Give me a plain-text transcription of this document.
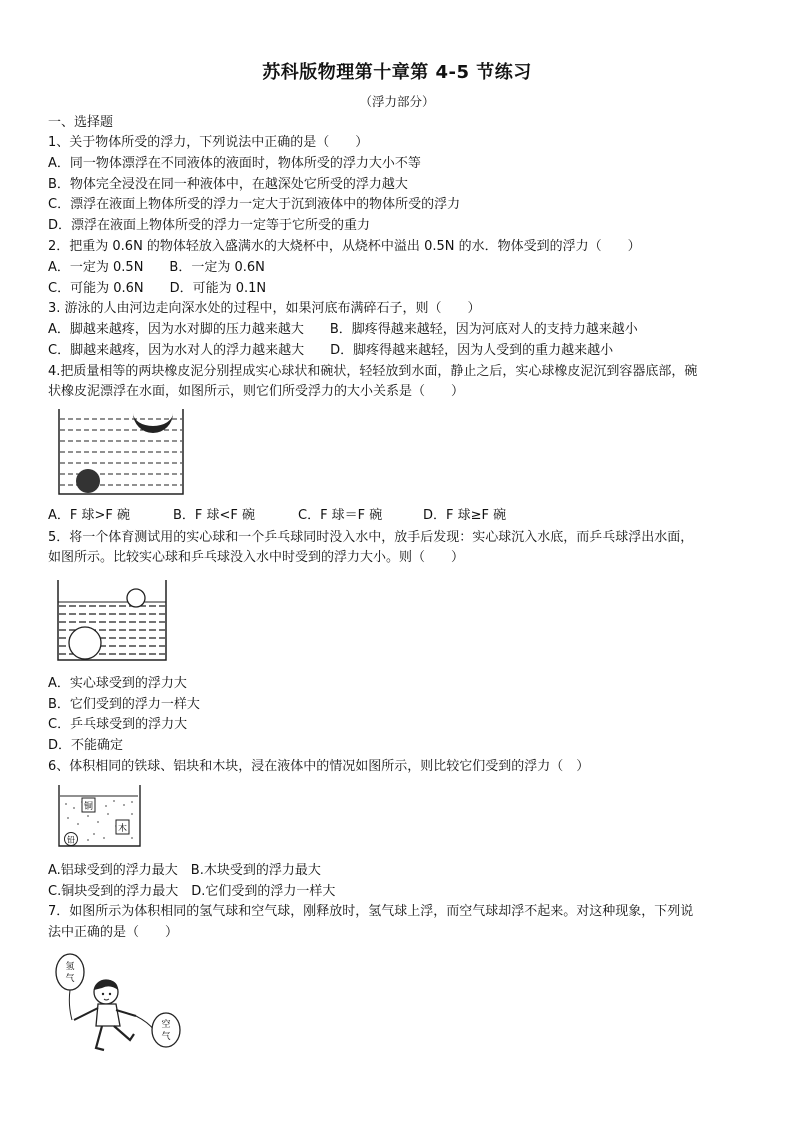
苏科版物理第十章第 4-5 节练习
（浮力部分）
一、选择题
1、关于物体所受的浮力，下列说法中正确的是（　　）
A．同一物体漂浮在不同液体的液面时，物体所受的浮力大小不等
B．物体完全浸没在同一种液体中，在越深处它所受的浮力越大
C．漂浮在液面上物体所受的浮力一定大于沉到液体中的物体所受的浮力
D．漂浮在液面上物体所受的浮力一定等于它所受的重力
2．把重为 0.6N 的物体轻放入盛满水的大烧杯中，从烧杯中溢出 0.5N 的水．物体受到的浮力（　　）
A．一定为 0.5N　　B．一定为 0.6N
C．可能为 0.6N　　D．可能为 0.1N
3. 游泳的人由河边走向深水处的过程中，如果河底布满碎石子，则（　　）
A．脚越来越疼，因为水对脚的压力越来越大　　B．脚疼得越来越轻，因为河底对人的支持力越来越小
C．脚越来越疼，因为水对人的浮力越来越大　　D．脚疼得越来越轻，因为人受到的重力越来越小
4.把质量相等的两块橡皮泥分别捏成实心球状和碗状，轻轻放到水面，静止之后，实心球橡皮泥沉到容器底部，碗
状橡皮泥漂浮在水面，如图所示，则它们所受浮力的大小关系是（　　）
A．F 球>F 碗	B．F 球<F 碗	C．F 球＝F 碗	D．F 球≥F 碗
5．将一个体育测试用的实心球和一个乒乓球同时没入水中，放手后发现：实心球沉入水底，而乒乓球浮出水面，
如图所示。比较实心球和乒乓球没入水中时受到的浮力大小。则（　　）
A．实心球受到的浮力大
B．它们受到的浮力一样大
C．乒乓球受到的浮力大
D．不能确定
6、体积相同的铁球、铝块和木块，浸在液体中的情况如图所示，则比较它们受到的浮力（　）
铜
木
铅
A.铝球受到的浮力最大　B.木块受到的浮力最大
C.铜块受到的浮力最大　D.它们受到的浮力一样大
7．如图所示为体积相同的氢气球和空气球，刚释放时，氢气球上浮，而空气球却浮不起来。对这种现象，下列说
法中正确的是（　　）
氢
气
空
气
